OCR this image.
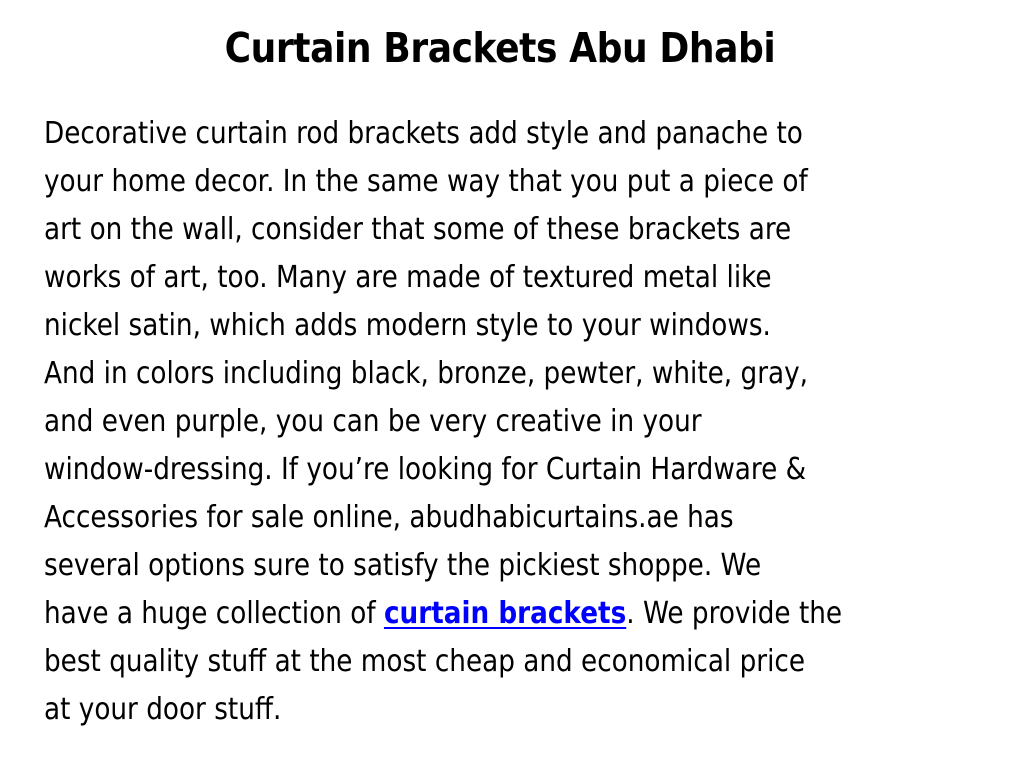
Curtain Brackets Abu Dhabi
Decorative curtain rod brackets add style and panache to
your home decor. In the same way that you put a piece of
art on the wall, consider that some of these brackets are
works of art, too. Many are made of textured metal like
nickel satin, which adds modern style to your windows.
And in colors including black, bronze, pewter, white, gray,
and even purple, you can be very creative in your
window-dressing. If you’re looking for Curtain Hardware &
Accessories for sale online, abudhabicurtains.ae has
several options sure to satisfy the pickiest shoppe. We
have a huge collection of curtain brackets. We provide the
best quality stuff at the most cheap and economical price
at your door stuff.
